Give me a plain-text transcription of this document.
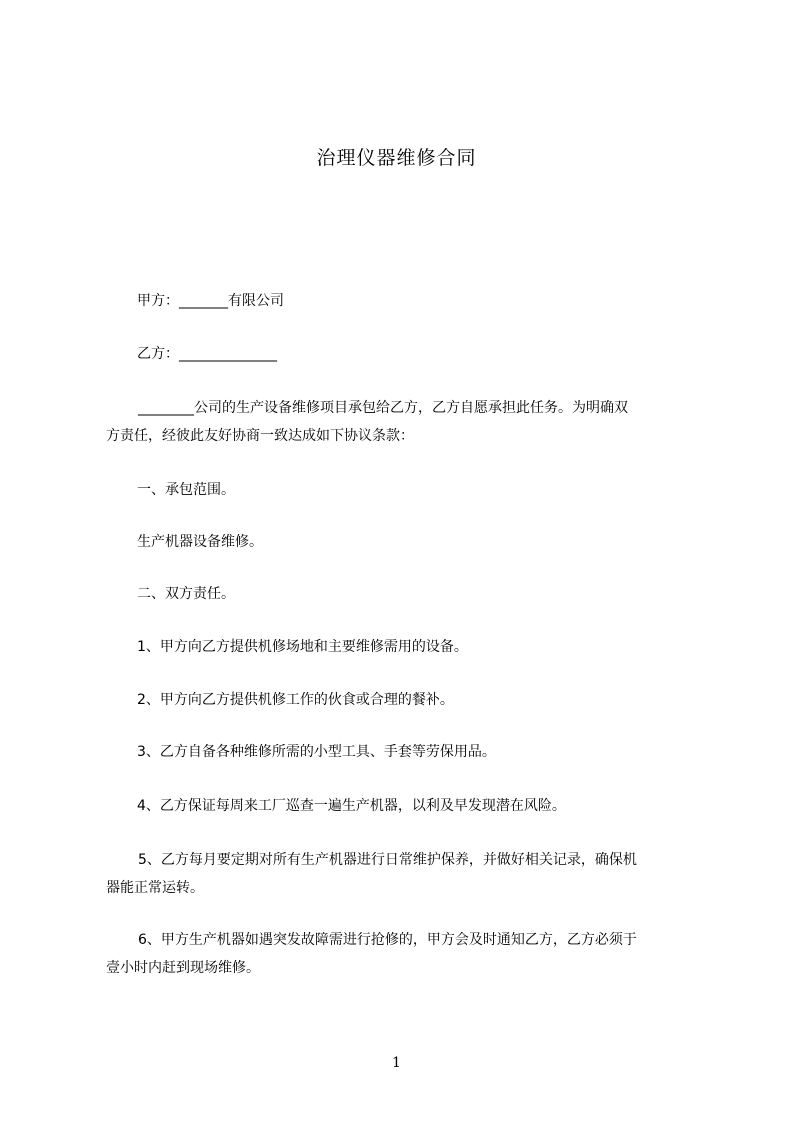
治理仪器维修合同
甲方：_______有限公司
乙方：______________
________公司的生产设备维修项目承包给乙方，乙方自愿承担此任务。为明确双
方责任，经彼此友好协商一致达成如下协议条款：
一、承包范围。
生产机器设备维修。
二、双方责任。
1、甲方向乙方提供机修场地和主要维修需用的设备。
2、甲方向乙方提供机修工作的伙食或合理的餐补。
3、乙方自备各种维修所需的小型工具、手套等劳保用品。
4、乙方保证每周来工厂巡查一遍生产机器，以利及早发现潜在风险。
5、乙方每月要定期对所有生产机器进行日常维护保养，并做好相关记录，确保机
器能正常运转。
6、甲方生产机器如遇突发故障需进行抢修的，甲方会及时通知乙方，乙方必须于
壹小时内赶到现场维修。
1
